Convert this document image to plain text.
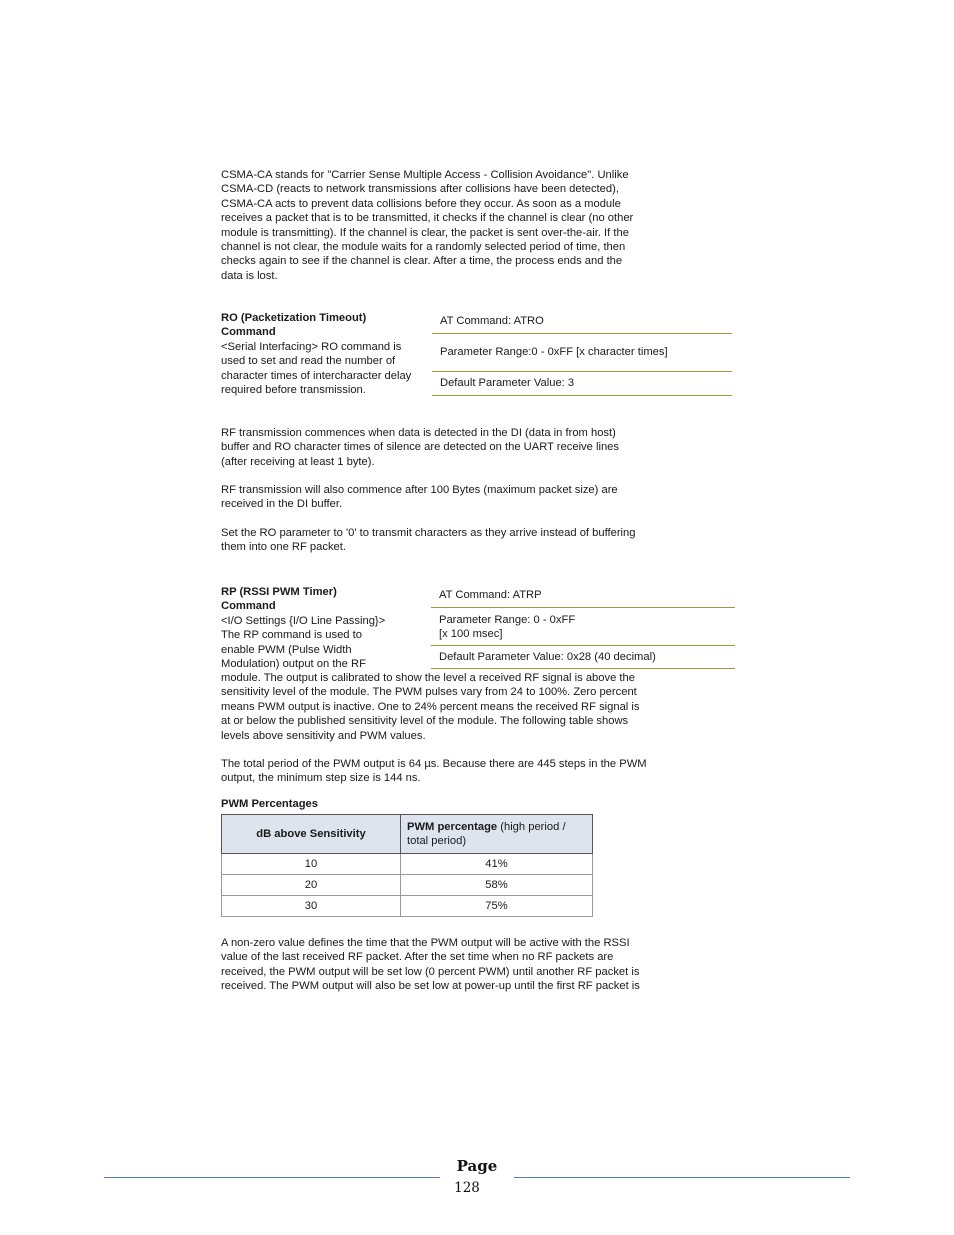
CSMA-CA stands for "Carrier Sense Multiple Access - Collision Avoidance". Unlike
CSMA-CD (reacts to network transmissions after collisions have been detected),
CSMA-CA acts to prevent data collisions before they occur. As soon as a module
receives a packet that is to be transmitted, it checks if the channel is clear (no other
module is transmitting). If the channel is clear, the packet is sent over-the-air. If the
channel is not clear, the module waits for a randomly selected period of time, then
checks again to see if the channel is clear. After a time, the process ends and the
data is lost.

RO (Packetization Timeout)
Command
<Serial Interfacing> RO command is used to set and read the number of character times of intercharacter delay required before transmission.
AT Command: ATRO
Parameter Range:0 - 0xFF [x character times]
Default Parameter Value: 3

RF transmission commences when data is detected in the DI (data in from host)
buffer and RO character times of silence are detected on the UART receive lines
(after receiving at least 1 byte).

RF transmission will also commence after 100 Bytes (maximum packet size) are
received in the DI buffer.

Set the RO parameter to '0' to transmit characters as they arrive instead of buffering
them into one RF packet.

RP (RSSI PWM Timer)
Command
<I/O Settings {I/O Line Passing}>
The RP command is used to
enable PWM (Pulse Width
Modulation) output on the RF
AT Command: ATRP
Parameter Range: 0 - 0xFF
[x 100 msec]
Default Parameter Value: 0x28 (40 decimal)

module. The output is calibrated to show the level a received RF signal is above the
sensitivity level of the module. The PWM pulses vary from 24 to 100%. Zero percent
means PWM output is inactive. One to 24% percent means the received RF signal is
at or below the published sensitivity level of the module. The following table shows
levels above sensitivity and PWM values.

The total period of the PWM output is 64 µs. Because there are 445 steps in the PWM
output, the minimum step size is 144 ns.

PWM Percentages

dB above Sensitivity	PWM percentage (high period / total period)
10	41%
20	58%
30	75%

A non-zero value defines the time that the PWM output will be active with the RSSI
value of the last received RF packet. After the set time when no RF packets are
received, the PWM output will be set low (0 percent PWM) until another RF packet is
received. The PWM output will also be set low at power-up until the first RF packet is

Page
128
